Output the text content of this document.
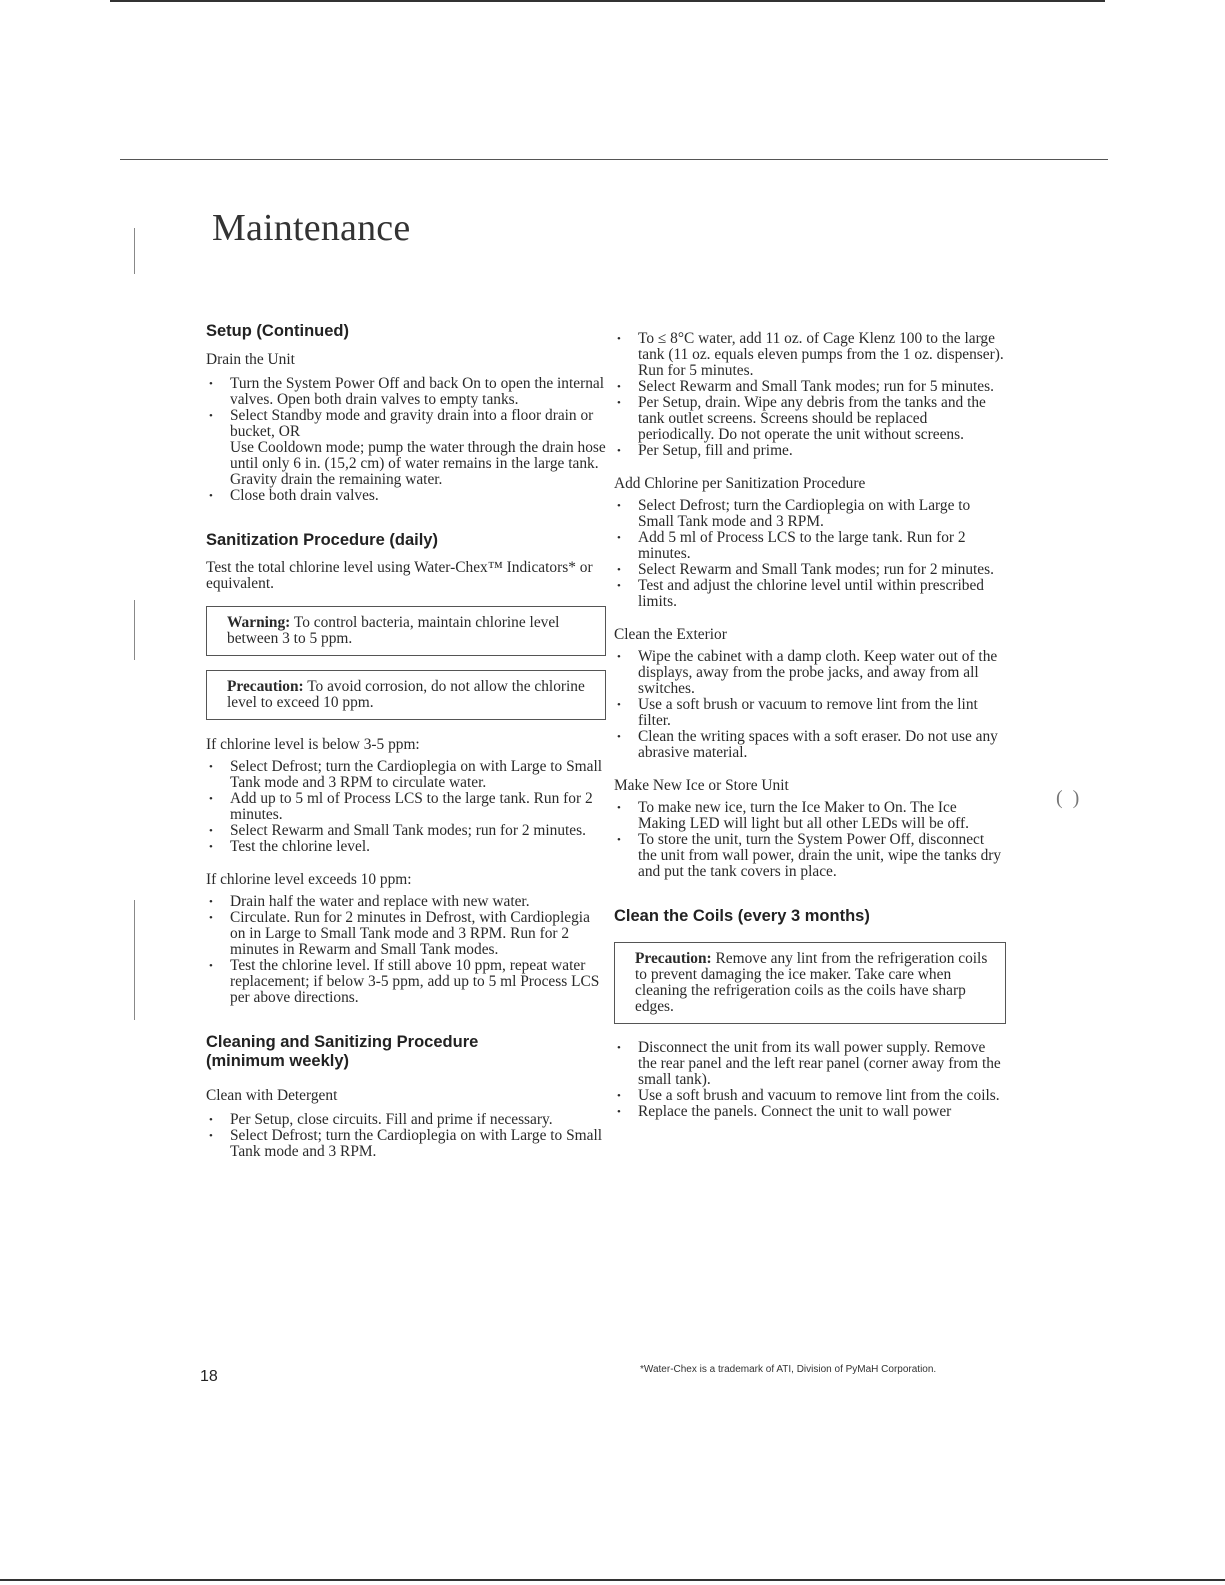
Maintenance
Setup (Continued)

Drain the Unit

• Turn the System Power Off and back On to open the internal valves. Open both drain valves to empty tanks.
• Select Standby mode and gravity drain into a floor drain or bucket, OR
Use Cooldown mode; pump the water through the drain hose until only 6 in. (15,2 cm) of water remains in the large tank. Gravity drain the remaining water.
• Close both drain valves.
Sanitization Procedure (daily)

Test the total chlorine level using Water-Chex™ Indicators* or equivalent.

Warning: To control bacteria, maintain chlorine level between 3 to 5 ppm.
Precaution: To avoid corrosion, do not allow the chlorine level to exceed 10 ppm.

If chlorine level is below 3-5 ppm:

• Select Defrost; turn the Cardioplegia on with Large to Small Tank mode and 3 RPM to circulate water.
• Add up to 5 ml of Process LCS to the large tank. Run for 2 minutes.
• Select Rewarm and Small Tank modes; run for 2 minutes.
• Test the chlorine level.

If chlorine level exceeds 10 ppm:

• Drain half the water and replace with new water.
• Circulate. Run for 2 minutes in Defrost, with Cardioplegia on in Large to Small Tank mode and 3 RPM. Run for 2 minutes in Rewarm and Small Tank modes.
• Test the chlorine level. If still above 10 ppm, repeat water replacement; if below 3-5 ppm, add up to 5 ml Process LCS per above directions.
Cleaning and Sanitizing Procedure
(minimum weekly)

Clean with Detergent

• Per Setup, close circuits. Fill and prime if necessary.
• Select Defrost; turn the Cardioplegia on with Large to Small Tank mode and 3 RPM.
• To ≤ 8°C water, add 11 oz. of Cage Klenz 100 to the large tank (11 oz. equals eleven pumps from the 1 oz. dispenser). Run for 5 minutes.
• Select Rewarm and Small Tank modes; run for 5 minutes.
• Per Setup, drain. Wipe any debris from the tanks and the tank outlet screens. Screens should be replaced periodically. Do not operate the unit without screens.
• Per Setup, fill and prime.

Add Chlorine per Sanitization Procedure

• Select Defrost; turn the Cardioplegia on with Large to Small Tank mode and 3 RPM.
• Add 5 ml of Process LCS to the large tank. Run for 2 minutes.
• Select Rewarm and Small Tank modes; run for 2 minutes.
• Test and adjust the chlorine level until within prescribed limits.

Clean the Exterior

• Wipe the cabinet with a damp cloth. Keep water out of the displays, away from the probe jacks, and away from all switches.
• Use a soft brush or vacuum to remove lint from the lint filter.
• Clean the writing spaces with a soft eraser. Do not use any abrasive material.

Make New Ice or Store Unit

• To make new ice, turn the Ice Maker to On. The Ice Making LED will light but all other LEDs will be off.
• To store the unit, turn the System Power Off, disconnect the unit from wall power, drain the unit, wipe the tanks dry and put the tank covers in place.
Clean the Coils (every 3 months)
Precaution: Remove any lint from the refrigeration coils to prevent damaging the ice maker. Take care when cleaning the refrigeration coils as the coils have sharp edges.
• Disconnect the unit from its wall power supply. Remove the rear panel and the left rear panel (corner away from the small tank).
• Use a soft brush and vacuum to remove lint from the coils.
• Replace the panels. Connect the unit to wall power
18	*Water-Chex is a trademark of ATI, Division of PyMaH Corporation.
(  )
